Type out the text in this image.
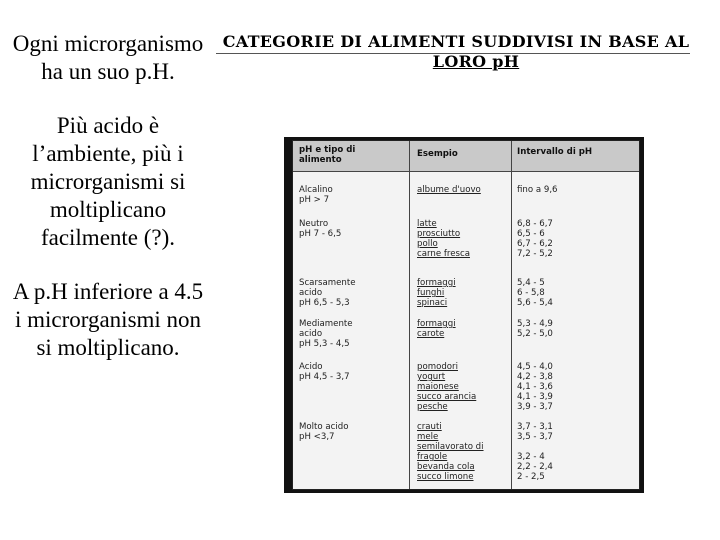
Ogni microrganismo ha un suo p.H.

Più acido è l’ambiente, più i microrganismi si moltiplicano facilmente (?).

A p.H inferiore a 4.5 i microrganismi non si moltiplicano.

CATEGORIE DI ALIMENTI SUDDIVISI IN BASE AL
LORO pH
pH e tipo di
alimento
Esempio	Intervallo di pH
Alcalino
pH > 7
albume d'uovo	fino a 9,6
Neutro
pH 7 - 6,5
latte
prosciutto
pollo
carne fresca
6,8 - 6,7
6,5 - 6
6,7 - 6,2
7,2 - 5,2
Scarsamente
acido
pH 6,5 - 5,3
formaggi
funghi
spinaci
5,4 - 5
6 - 5,8
5,6 - 5,4
Mediamente
acido
pH 5,3 - 4,5
formaggi
carote
5,3 - 4,9
5,2 - 5,0
Acido
pH 4,5 - 3,7
pomodori
yogurt
maionese
succo arancia
pesche
4,5 - 4,0
4,2 - 3,8
4,1 - 3,6
4,1 - 3,9
3,9 - 3,7
Molto acido
pH <3,7
crauti
mele
semilavorato di
fragole
bevanda cola
succo limone
3,7 - 3,1
3,5 - 3,7
3,2 - 4
2,2 - 2,4
2 - 2,5
